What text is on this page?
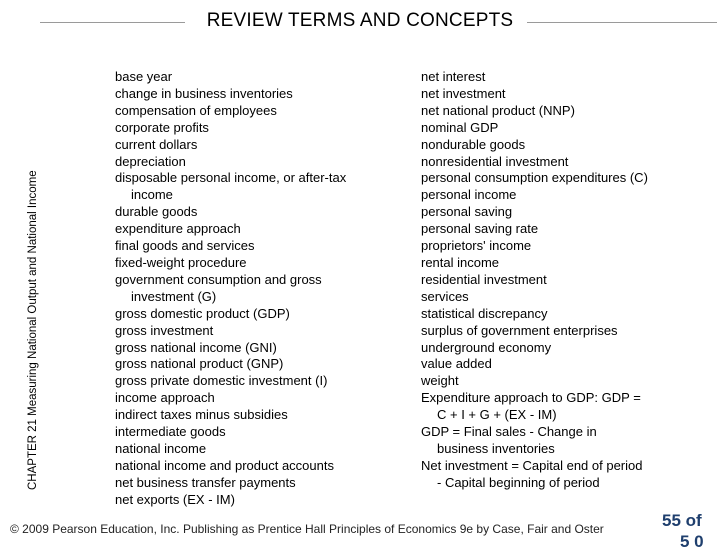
REVIEW TERMS AND CONCEPTS
CHAPTER 21 Measuring National Output and National Income
base year
change in business inventories
compensation of employees
corporate profits
current dollars
depreciation
disposable personal income, or after-tax
income
durable goods
expenditure approach
final goods and services
fixed-weight procedure
government consumption and gross
investment (G)
gross domestic product (GDP)
gross investment
gross national income (GNI)
gross national product (GNP)
gross private domestic investment (I)
income approach
indirect taxes minus subsidies
intermediate goods
national income
national income and product accounts
net business transfer payments
net exports (EX - IM)
net interest
net investment
net national product (NNP)
nominal GDP
nondurable goods
nonresidential investment
personal consumption expenditures (C)
personal income
personal saving
personal saving rate
proprietors' income
rental income
residential investment
services
statistical discrepancy
surplus of government enterprises
underground economy
value added
weight
Expenditure approach to GDP: GDP =
C + I + G + (EX - IM)
GDP = Final sales - Change in
business inventories
Net investment = Capital end of period
- Capital beginning of period
© 2009 Pearson Education, Inc. Publishing as Prentice Hall Principles of Economics 9e by Case, Fair and Oster	55 of
5 0
